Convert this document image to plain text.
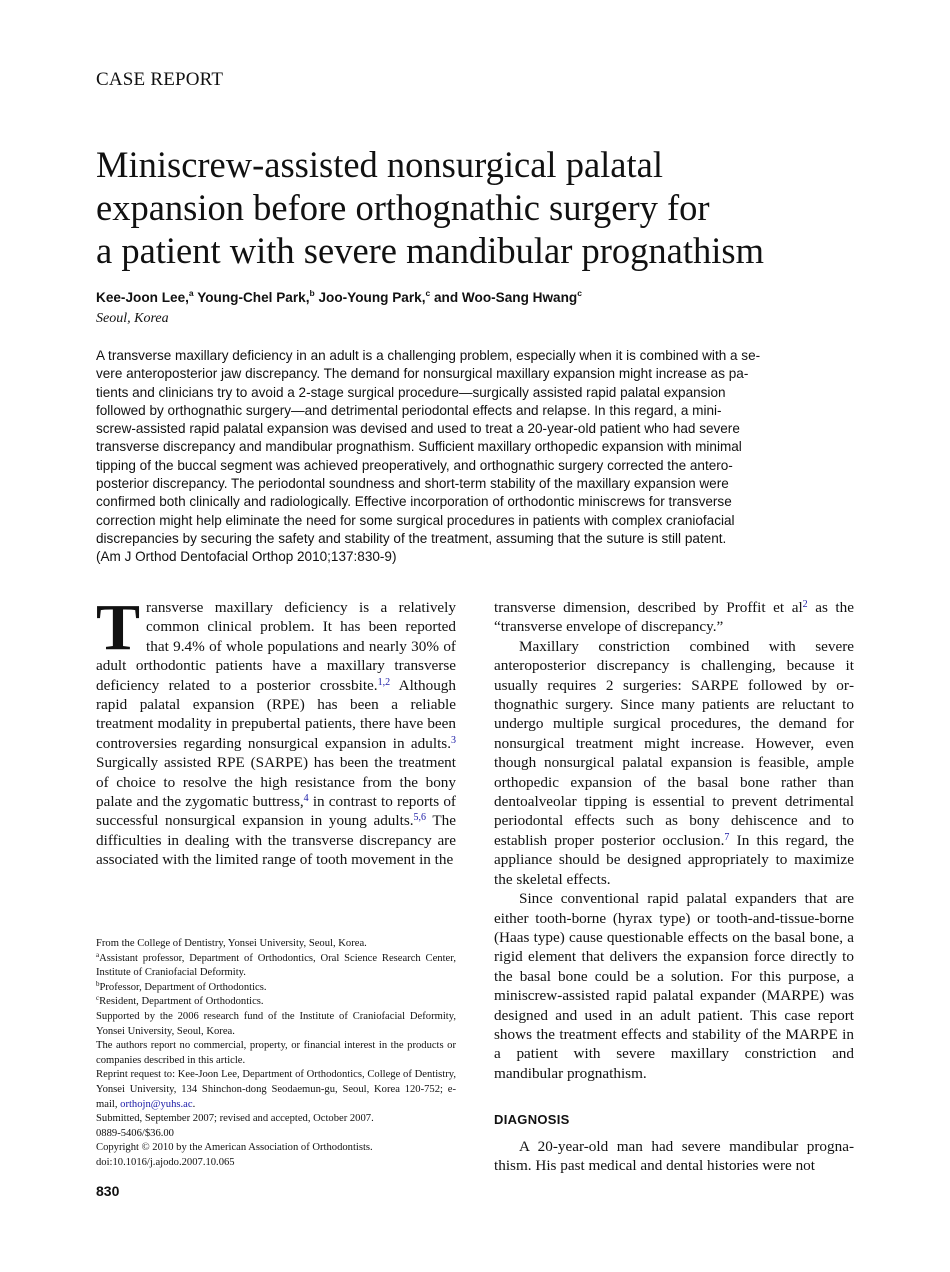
CASE REPORT
Miniscrew-assisted nonsurgical palatal
expansion before orthognathic surgery for
a patient with severe mandibular prognathism
Kee-Joon Lee,$^a$ Young-Chel Park,$^b$ Joo-Young Park,$^c$ and Woo-Sang Hwang$^c$
Seoul, Korea
A transverse maxillary deficiency in an adult is a challenging problem, especially when it is combined with a se-
vere anteroposterior jaw discrepancy. The demand for nonsurgical maxillary expansion might increase as pa-
tients and clinicians try to avoid a 2-stage surgical procedure—surgically assisted rapid palatal expansion
followed by orthognathic surgery—and detrimental periodontal effects and relapse. In this regard, a mini-
screw-assisted rapid palatal expansion was devised and used to treat a 20-year-old patient who had severe
transverse discrepancy and mandibular prognathism. Sufficient maxillary orthopedic expansion with minimal
tipping of the buccal segment was achieved preoperatively, and orthognathic surgery corrected the antero-
posterior discrepancy. The periodontal soundness and short-term stability of the maxillary expansion were
confirmed both clinically and radiologically. Effective incorporation of orthodontic miniscrews for transverse
correction might help eliminate the need for some surgical procedures in patients with complex craniofacial
discrepancies by securing the safety and stability of the treatment, assuming that the suture is still patent.
(Am J Orthod Dentofacial Orthop 2010;137:830-9)

Transverse maxillary deficiency is a relatively common clinical problem. It has been reported that 9.4% of whole populations and nearly 30% of adult orthodontic patients have a maxillary transverse deficiency related to a posterior crossbite.$^{1,2}$ Although rapid palatal expansion (RPE) has been a reliable treatment modality in prepubertal patients, there have been controversies regarding nonsurgical expansion in adults.$^3$ Surgically assisted RPE (SARPE) has been the treatment of choice to resolve the high resistance from the bony palate and the zygomatic buttress,$^4$ in contrast to reports of successful nonsurgical expansion in young adults.$^{5,6}$ The difficulties in dealing with the transverse discrepancy are associated with the limited range of tooth movement in the

transverse dimension, described by Proffit et $al^2$ as the “transverse envelope of discrepancy.”

Maxillary constriction combined with severe anteroposterior discrepancy is challenging, because it usually requires 2 surgeries: SARPE followed by orthognathic surgery. Since many patients are reluctant to undergo multiple surgical procedures, the demand for nonsurgical treatment might increase. However, even though nonsurgical palatal expansion is feasible, ample orthopedic expansion of the basal bone rather than dentoalveolar tipping is essential to prevent detrimental periodontal effects such as bony dehiscence and to establish proper posterior occlusion.$^7$ In this regard, the appliance should be designed appropriately to maximize the skeletal effects.

Since conventional rapid palatal expanders that are either tooth-borne (hyrax type) or tooth-and-tissue-borne (Haas type) cause questionable effects on the basal bone, a rigid element that delivers the expansion force directly to the basal bone could be a solution. For this purpose, a miniscrew-assisted rapid palatal expander (MARPE) was designed and used in an adult patient. This case report shows the treatment effects and stability of the MARPE in a patient with severe maxillary constriction and mandibular prognathism.

DIAGNOSIS

A 20-year-old man had severe mandibular prognathism. His past medical and dental histories were not

From the College of Dentistry, Yonsei University, Seoul, Korea.

$^a$Assistant professor, Department of Orthodontics, Oral Science Research Center, Institute of Craniofacial Deformity.

$^b$Professor, Department of Orthodontics.

$^c$Resident, Department of Orthodontics.

Supported by the 2006 research fund of the Institute of Craniofacial Deformity, Yonsei University, Seoul, Korea.

The authors report no commercial, property, or financial interest in the products or companies described in this article.

Reprint request to: Kee-Joon Lee, Department of Orthodontics, College of Dentistry, Yonsei University, 134 Shinchon-dong Seodaemun-gu, Seoul, Korea 120-752; e-mail, orthojn@yuhs.ac.

Submitted, September 2007; revised and accepted, October 2007.

0889-5406/$36.00

Copyright © 2010 by the American Association of Orthodontists.

doi:10.1016/j.ajodo.2007.10.065

830
